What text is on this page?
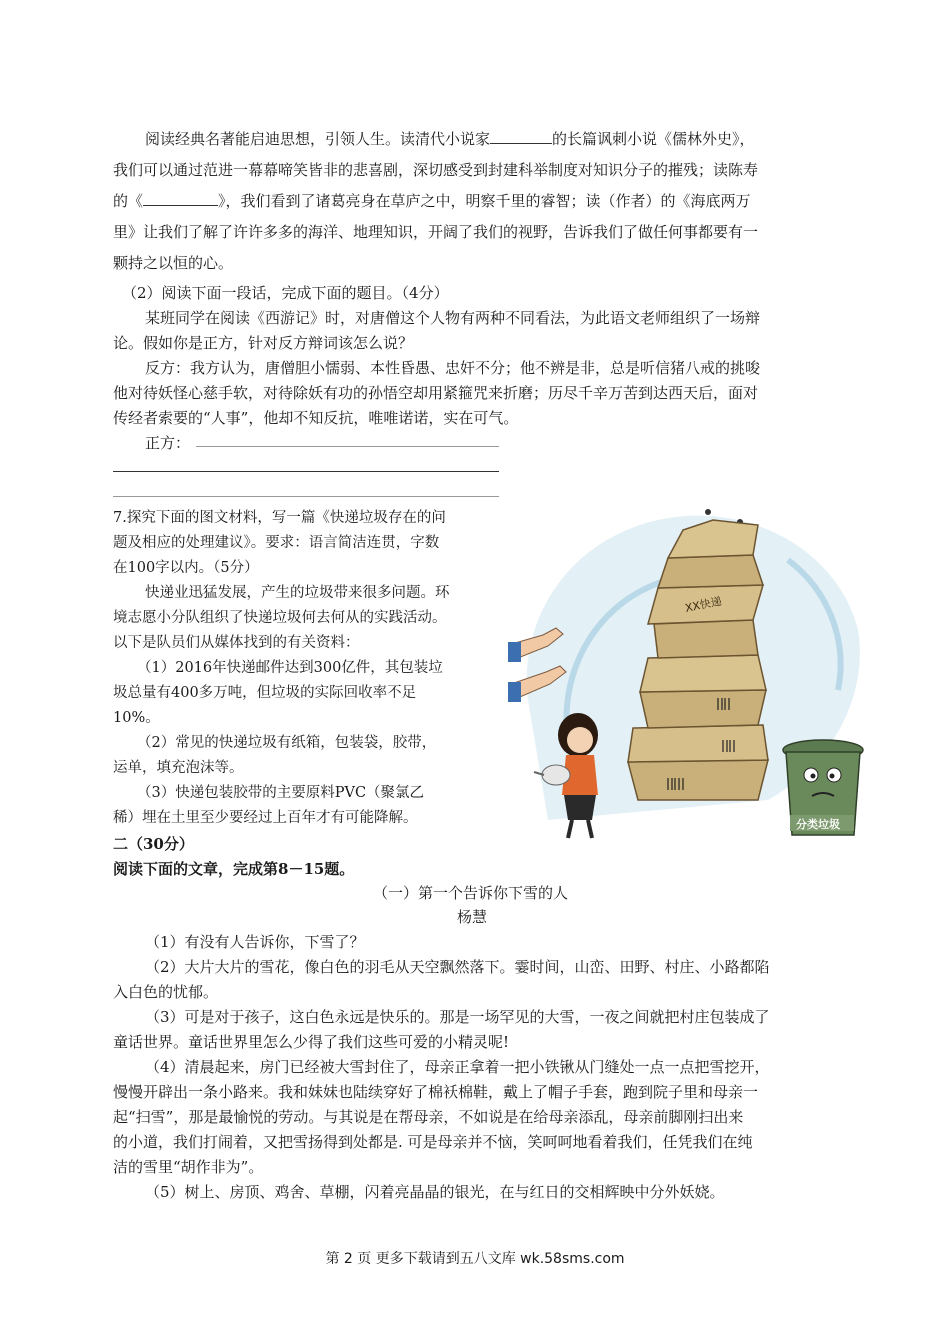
阅读经典名著能启迪思想，引领人生。读清代小说家	的长篇讽刺小说《儒林外史》，

我们可以通过范进一幕幕啼笑皆非的悲喜剧，深切感受到封建科举制度对知识分子的摧残；读陈寿

的《	》，我们看到了诸葛亮身在草庐之中，明察千里的睿智；读（作者）的《海底两万

里》让我们了解了许许多多的海洋、地理知识，开阔了我们的视野，告诉我们了做任何事都要有一

颗持之以恒的心。

（2）阅读下面一段话，完成下面的题目。（4分）

某班同学在阅读《西游记》时，对唐僧这个人物有两种不同看法，为此语文老师组织了一场辩

论。假如你是正方，针对反方辩词该怎么说？

反方：我方认为，唐僧胆小懦弱、本性昏愚、忠奸不分；他不辨是非，总是听信猪八戒的挑唆

他对待妖怪心慈手软，对待除妖有功的孙悟空却用紧箍咒来折磨；历尽千辛万苦到达西天后，面对

传经者索要的“人事”，他却不知反抗，唯唯诺诺，实在可气。

正方：

7.探究下面的图文材料，写一篇《快递垃圾存在的问

题及相应的处理建议》。要求：语言简洁连贯，字数

在100字以内。（5分）

快递业迅猛发展，产生的垃圾带来很多问题。环

境志愿小分队组织了快递垃圾何去何从的实践活动。

以下是队员们从媒体找到的有关资料：

（1）2016年快递邮件达到300亿件，其包装垃

圾总量有400多万吨，但垃圾的实际回收率不足

10%。

（2）常见的快递垃圾有纸箱，包装袋，胶带，

运单，填充泡沫等。

（3）快递包装胶带的主要原料PVC（聚氯乙

稀）埋在土里至少要经过上百年才有可能降解。

XX快递
分类垃圾

二（30分）

阅读下面的文章，完成第8－15题。

（一）第一个告诉你下雪的人

杨慧

（1）有没有人告诉你，下雪了？

（2）大片大片的雪花，像白色的羽毛从天空飘然落下。霎时间，山峦、田野、村庄、小路都陷

入白色的忧郁。

（3）可是对于孩子，这白色永远是快乐的。那是一场罕见的大雪，一夜之间就把村庄包装成了

童话世界。童话世界里怎么少得了我们这些可爱的小精灵呢!

（4）清晨起来，房门已经被大雪封住了，母亲正拿着一把小铁锹从门缝处一点一点把雪挖开，

慢慢开辟出一条小路来。我和妹妹也陆续穿好了棉袄棉鞋，戴上了帽子手套，跑到院子里和母亲一

起“扫雪”，那是最愉悦的劳动。与其说是在帮母亲，不如说是在给母亲添乱，母亲前脚刚扫出来

的小道，我们打闹着，又把雪扬得到处都是. 可是母亲并不恼，笑呵呵地看着我们，任凭我们在纯

洁的雪里“胡作非为”。

（5）树上、房顶、鸡舍、草棚，闪着亮晶晶的银光，在与红日的交相辉映中分外妖娆。

第 2 页 更多下载请到五八文库 wk.58sms.com
